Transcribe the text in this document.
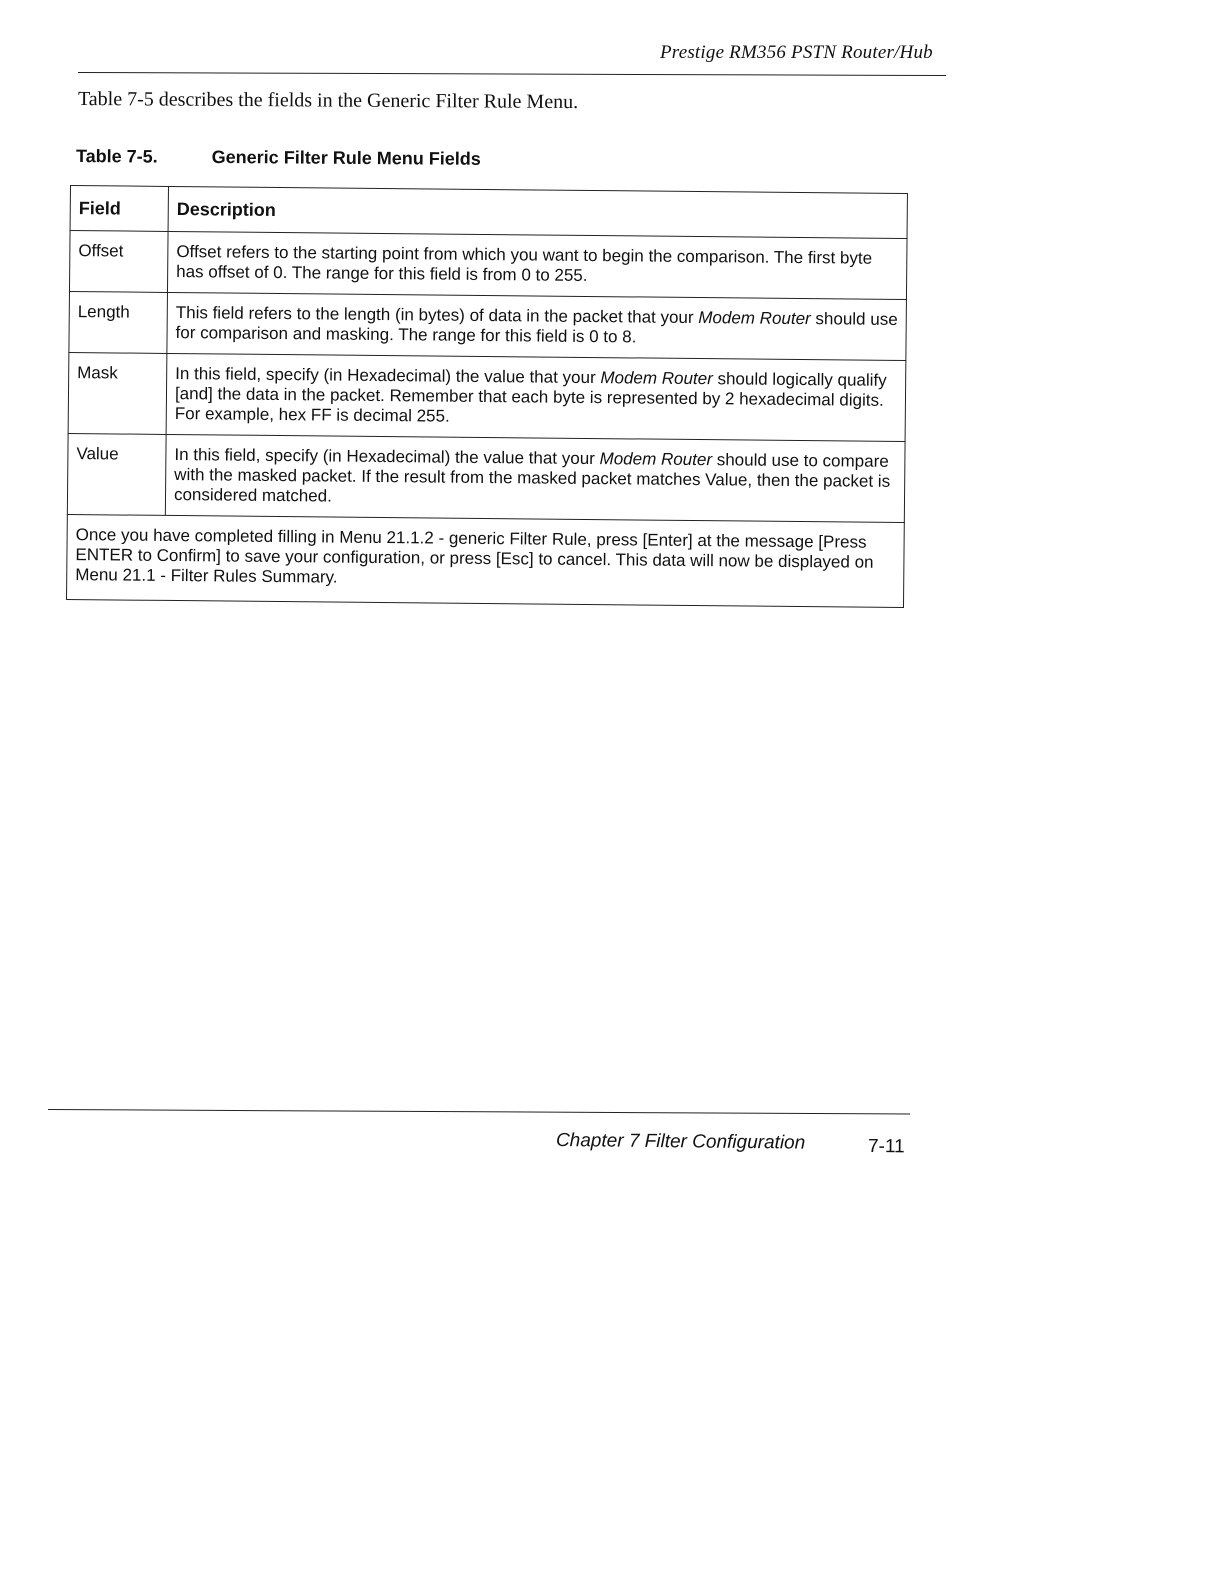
Prestige RM356 PSTN Router/Hub
Table 7-5 describes the fields in the Generic Filter Rule Menu.
Table 7-5.	Generic Filter Rule Menu Fields
Field	Description
Offset	Offset refers to the starting point from which you want to begin the comparison. The first byte has offset of 0. The range for this field is from 0 to 255.
Length	This field refers to the length (in bytes) of data in the packet that your Modem Router should use for comparison and masking. The range for this field is 0 to 8.
Mask	In this field, specify (in Hexadecimal) the value that your Modem Router should logically qualify [and] the data in the packet. Remember that each byte is represented by 2 hexadecimal digits. For example, hex FF is decimal 255.
Value	In this field, specify (in Hexadecimal) the value that your Modem Router should use to compare with the masked packet. If the result from the masked packet matches Value, then the packet is considered matched.
Once you have completed filling in Menu 21.1.2 - generic Filter Rule, press [Enter] at the message [Press ENTER to Confirm] to save your configuration, or press [Esc] to cancel. This data will now be displayed on Menu 21.1 - Filter Rules Summary.	
Chapter 7 Filter Configuration	7-11
